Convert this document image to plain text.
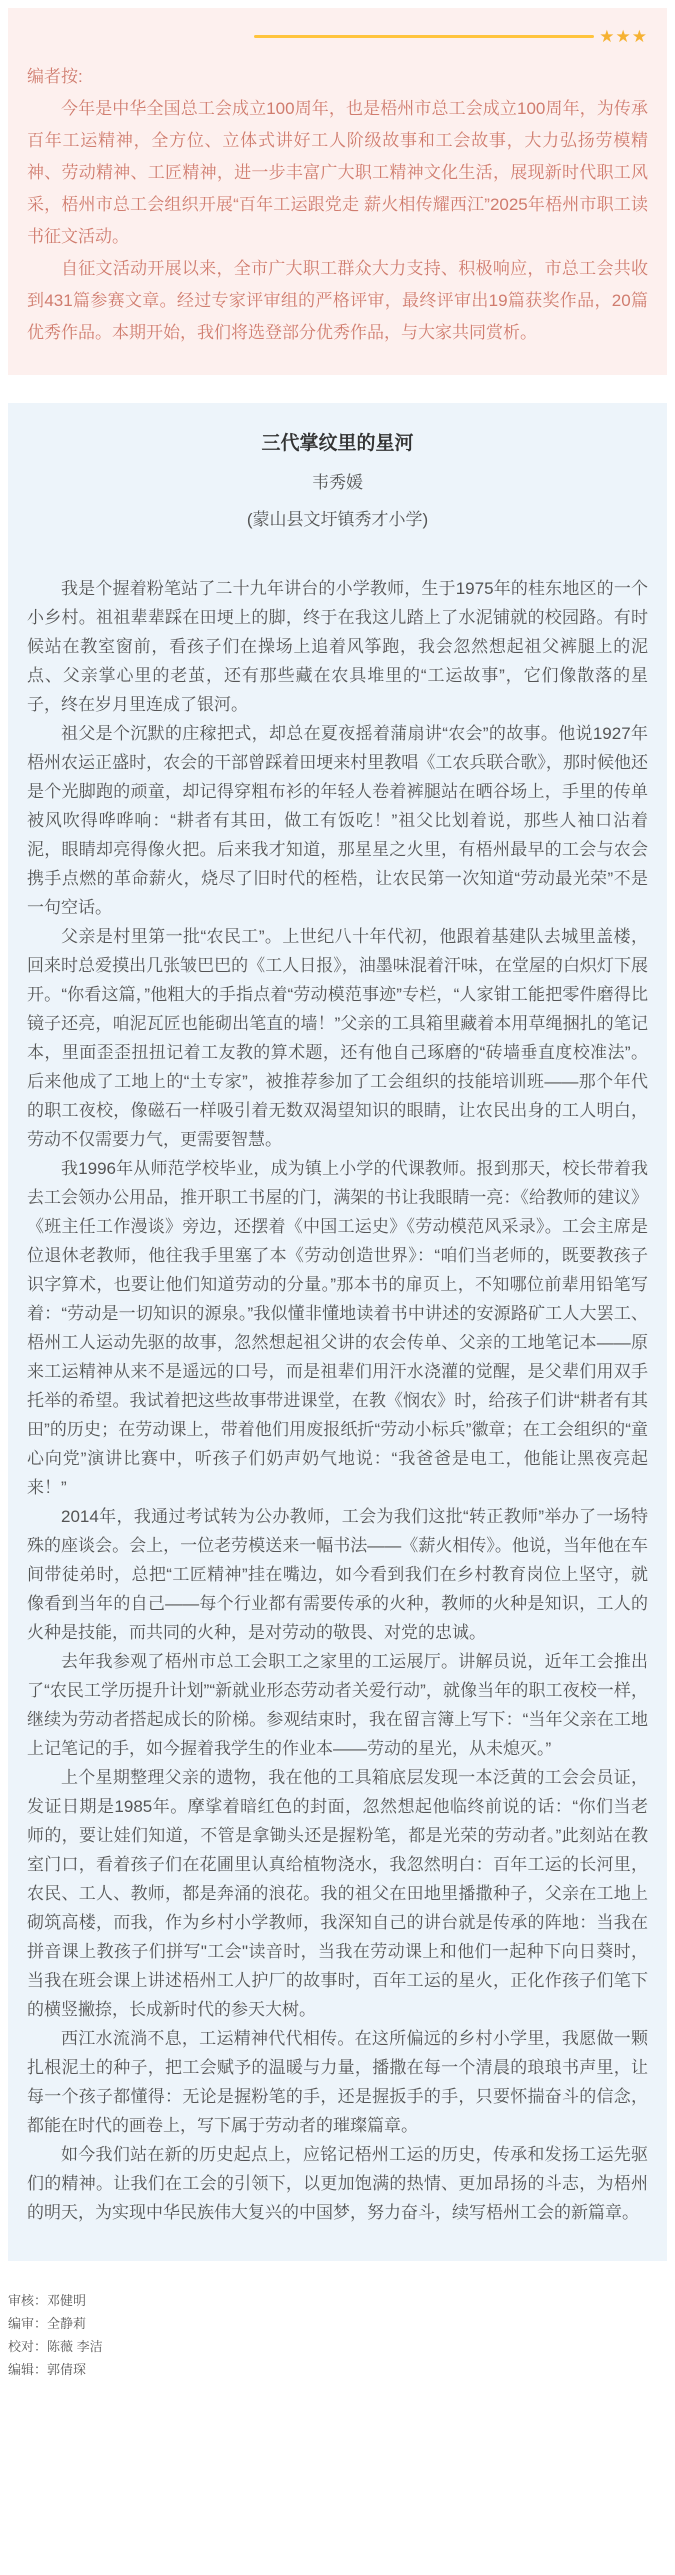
★★★

编者按:

今年是中华全国总工会成立100周年，也是梧州市总工会成立100周年，为传承百年工运精神，全方位、立体式讲好工人阶级故事和工会故事，大力弘扬劳模精神、劳动精神、工匠精神，进一步丰富广大职工精神文化生活，展现新时代职工风采，梧州市总工会组织开展“百年工运跟党走 薪火相传耀西江”2025年梧州市职工读书征文活动。

自征文活动开展以来，全市广大职工群众大力支持、积极响应，市总工会共收到431篇参赛文章。经过专家评审组的严格评审，最终评审出19篇获奖作品，20篇优秀作品。本期开始，我们将选登部分优秀作品，与大家共同赏析。

三代掌纹里的星河

韦秀媛

(蒙山县文圩镇秀才小学)

我是个握着粉笔站了二十九年讲台的小学教师，生于1975年的桂东地区的一个小乡村。祖祖辈辈踩在田埂上的脚，终于在我这儿踏上了水泥铺就的校园路。有时候站在教室窗前，看孩子们在操场上追着风筝跑，我会忽然想起祖父裤腿上的泥点、父亲掌心里的老茧，还有那些藏在农具堆里的“工运故事”，它们像散落的星子，终在岁月里连成了银河。

祖父是个沉默的庄稼把式，却总在夏夜摇着蒲扇讲“农会”的故事。他说1927年梧州农运正盛时，农会的干部曾踩着田埂来村里教唱《工农兵联合歌》，那时候他还是个光脚跑的顽童，却记得穿粗布衫的年轻人卷着裤腿站在晒谷场上，手里的传单被风吹得哗哗响：“耕者有其田，做工有饭吃！”祖父比划着说，那些人袖口沾着泥，眼睛却亮得像火把。后来我才知道，那星星之火里，有梧州最早的工会与农会携手点燃的革命薪火，烧尽了旧时代的桎梏，让农民第一次知道“劳动最光荣”不是一句空话。

父亲是村里第一批“农民工”。上世纪八十年代初，他跟着基建队去城里盖楼，回来时总爱摸出几张皱巴巴的《工人日报》，油墨味混着汗味，在堂屋的白炽灯下展开。“你看这篇，”他粗大的手指点着“劳动模范事迹”专栏，“人家钳工能把零件磨得比镜子还亮，咱泥瓦匠也能砌出笔直的墙！”父亲的工具箱里藏着本用草绳捆扎的笔记本，里面歪歪扭扭记着工友教的算术题，还有他自己琢磨的“砖墙垂直度校准法”。后来他成了工地上的“土专家”，被推荐参加了工会组织的技能培训班——那个年代的职工夜校，像磁石一样吸引着无数双渴望知识的眼睛，让农民出身的工人明白，劳动不仅需要力气，更需要智慧。

我1996年从师范学校毕业，成为镇上小学的代课教师。报到那天，校长带着我去工会领办公用品，推开职工书屋的门，满架的书让我眼睛一亮：《给教师的建议》《班主任工作漫谈》旁边，还摆着《中国工运史》《劳动模范风采录》。工会主席是位退休老教师，他往我手里塞了本《劳动创造世界》：“咱们当老师的，既要教孩子识字算术，也要让他们知道劳动的分量。”那本书的扉页上，不知哪位前辈用铅笔写着：“劳动是一切知识的源泉。”我似懂非懂地读着书中讲述的安源路矿工人大罢工、梧州工人运动先驱的故事，忽然想起祖父讲的农会传单、父亲的工地笔记本——原来工运精神从来不是遥远的口号，而是祖辈们用汗水浇灌的觉醒，是父辈们用双手托举的希望。我试着把这些故事带进课堂，在教《悯农》时，给孩子们讲“耕者有其田”的历史；在劳动课上，带着他们用废报纸折“劳动小标兵”徽章；在工会组织的“童心向党”演讲比赛中，听孩子们奶声奶气地说：“我爸爸是电工，他能让黑夜亮起来！”

2014年，我通过考试转为公办教师，工会为我们这批“转正教师”举办了一场特殊的座谈会。会上，一位老劳模送来一幅书法——《薪火相传》。他说，当年他在车间带徒弟时，总把“工匠精神”挂在嘴边，如今看到我们在乡村教育岗位上坚守，就像看到当年的自己——每个行业都有需要传承的火种，教师的火种是知识，工人的火种是技能，而共同的火种，是对劳动的敬畏、对党的忠诚。

去年我参观了梧州市总工会职工之家里的工运展厅。讲解员说，近年工会推出了“农民工学历提升计划”“新就业形态劳动者关爱行动”，就像当年的职工夜校一样，继续为劳动者搭起成长的阶梯。参观结束时，我在留言簿上写下：“当年父亲在工地上记笔记的手，如今握着我学生的作业本——劳动的星光，从未熄灭。”

上个星期整理父亲的遗物，我在他的工具箱底层发现一本泛黄的工会会员证，发证日期是1985年。摩挲着暗红色的封面，忽然想起他临终前说的话：“你们当老师的，要让娃们知道，不管是拿锄头还是握粉笔，都是光荣的劳动者。”此刻站在教室门口，看着孩子们在花圃里认真给植物浇水，我忽然明白：百年工运的长河里，农民、工人、教师，都是奔涌的浪花。我的祖父在田地里播撒种子，父亲在工地上砌筑高楼，而我，作为乡村小学教师，我深知自己的讲台就是传承的阵地：当我在拼音课上教孩子们拼写"工会"读音时，当我在劳动课上和他们一起种下向日葵时，当我在班会课上讲述梧州工人护厂的故事时，百年工运的星火，正化作孩子们笔下的横竖撇捺，长成新时代的参天大树。

西江水流淌不息，工运精神代代相传。在这所偏远的乡村小学里，我愿做一颗扎根泥土的种子，把工会赋予的温暖与力量，播撒在每一个清晨的琅琅书声里，让每一个孩子都懂得：无论是握粉笔的手，还是握扳手的手，只要怀揣奋斗的信念，都能在时代的画卷上，写下属于劳动者的璀璨篇章。

如今我们站在新的历史起点上，应铭记梧州工运的历史，传承和发扬工运先驱们的精神。让我们在工会的引领下，以更加饱满的热情、更加昂扬的斗志，为梧州的明天，为实现中华民族伟大复兴的中国梦，努力奋斗，续写梧州工会的新篇章。

审核：邓健明

编审：全静莉

校对：陈薇 李洁

编辑：郭倩琛
